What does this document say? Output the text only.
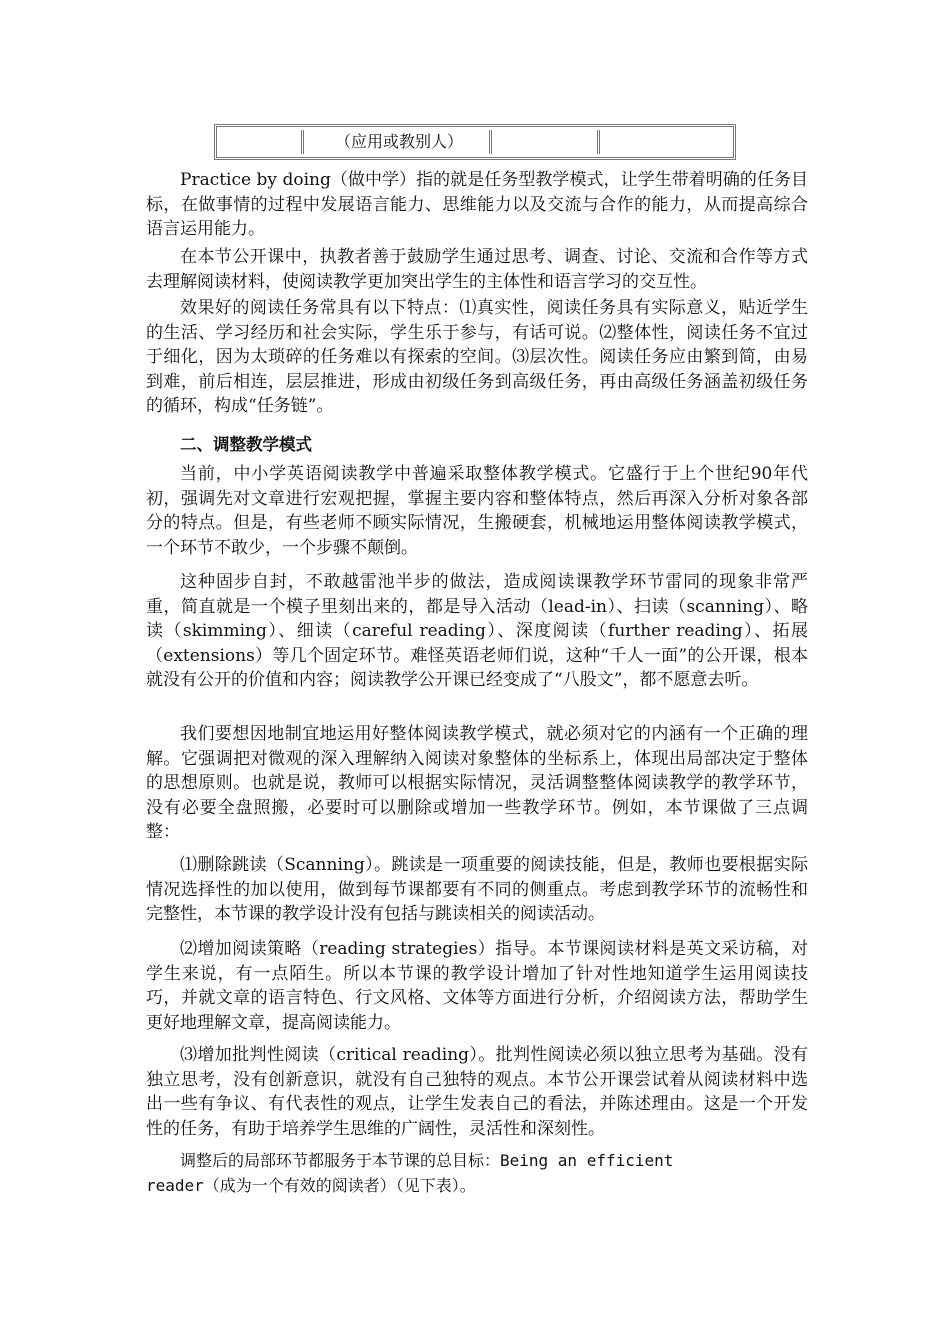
（应用或教别人）

Practice by doing（做中学）指的就是任务型教学模式，让学生带着明确的任务目标，在做事情的过程中发展语言能力、思维能力以及交流与合作的能力，从而提高综合语言运用能力。

在本节公开课中，执教者善于鼓励学生通过思考、调查、讨论、交流和合作等方式去理解阅读材料，使阅读教学更加突出学生的主体性和语言学习的交互性。

效果好的阅读任务常具有以下特点：⑴真实性，阅读任务具有实际意义，贴近学生的生活、学习经历和社会实际，学生乐于参与，有话可说。⑵整体性，阅读任务不宜过于细化，因为太琐碎的任务难以有探索的空间。⑶层次性。阅读任务应由繁到简，由易到难，前后相连，层层推进，形成由初级任务到高级任务，再由高级任务涵盖初级任务的循环，构成“任务链”。

二、调整教学模式

当前，中小学英语阅读教学中普遍采取整体教学模式。它盛行于上个世纪90年代初，强调先对文章进行宏观把握，掌握主要内容和整体特点，然后再深入分析对象各部分的特点。但是，有些老师不顾实际情况，生搬硬套，机械地运用整体阅读教学模式，一个环节不敢少，一个步骤不颠倒。

这种固步自封，不敢越雷池半步的做法，造成阅读课教学环节雷同的现象非常严重，简直就是一个模子里刻出来的，都是导入活动（lead-in）、扫读（scanning）、略读（skimming）、细读（careful reading）、深度阅读（further reading）、拓展（extensions）等几个固定环节。难怪英语老师们说，这种“千人一面”的公开课，根本就没有公开的价值和内容；阅读教学公开课已经变成了“八股文”，都不愿意去听。

我们要想因地制宜地运用好整体阅读教学模式，就必须对它的内涵有一个正确的理解。它强调把对微观的深入理解纳入阅读对象整体的坐标系上，体现出局部决定于整体的思想原则。也就是说，教师可以根据实际情况，灵活调整整体阅读教学的教学环节，没有必要全盘照搬，必要时可以删除或增加一些教学环节。例如，本节课做了三点调整：

⑴删除跳读（Scanning）。跳读是一项重要的阅读技能，但是，教师也要根据实际情况选择性的加以使用，做到每节课都要有不同的侧重点。考虑到教学环节的流畅性和完整性，本节课的教学设计没有包括与跳读相关的阅读活动。

⑵增加阅读策略（reading strategies）指导。本节课阅读材料是英文采访稿，对学生来说，有一点陌生。所以本节课的教学设计增加了针对性地知道学生运用阅读技巧，并就文章的语言特色、行文风格、文体等方面进行分析，介绍阅读方法，帮助学生更好地理解文章，提高阅读能力。

⑶增加批判性阅读（critical reading）。批判性阅读必须以独立思考为基础。没有独立思考，没有创新意识，就没有自己独特的观点。本节公开课尝试着从阅读材料中选出一些有争议、有代表性的观点，让学生发表自己的看法，并陈述理由。这是一个开发性的任务，有助于培养学生思维的广阔性，灵活性和深刻性。

调整后的局部环节都服务于本节课的总目标：Being an efficient

reader（成为一个有效的阅读者）（见下表）。
